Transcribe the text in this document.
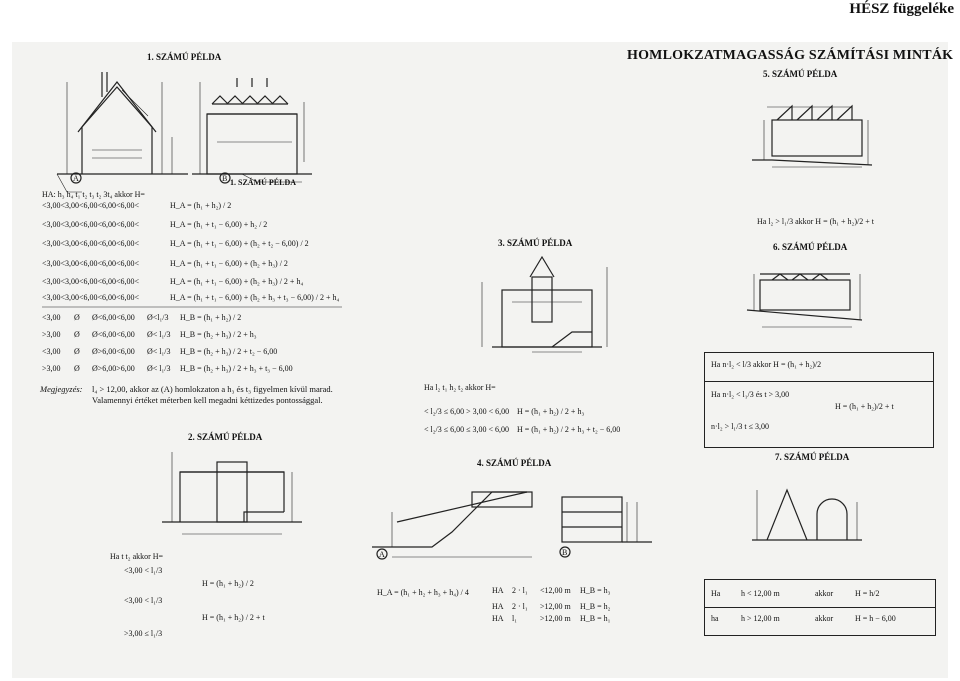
HÉSZ függeléke
HOMLOKZATMAGASSÁG SZÁMÍTÁSI MINTÁK
1. SZÁMÚ PÉLDA
5. SZÁMÚ PÉLDA
3. SZÁMÚ PÉLDA	6. SZÁMÚ PÉLDA
2. SZÁMÚ PÉLDA
4. SZÁMÚ PÉLDA
7. SZÁMÚ PÉLDA
1. SZÁMÚ PÉLDA
HA: h₃ h₄ t₁ t₂ t₃ t₂ 3t₄ akkor H=
<3,00<3,00<6,00<6,00<6,00<	H_A = (h₁ + h₂) / 2
<3,00<3,00<6,00<6,00<6,00<	H_A = (h₁ + t₁ − 6,00) + h₂ / 2
<3,00<3,00<6,00<6,00<6,00<	H_A = (h₁ + t₁ − 6,00) + (h₂ + t₂ − 6,00) / 2
<3,00<3,00<6,00<6,00<6,00<	H_A = (h₁ + t₁ − 6,00) + (h₂ + h₃) / 2
<3,00<3,00<6,00<6,00<6,00<	H_A = (h₁ + t₁ − 6,00) + (h₂ + h₃) / 2 + h₄
<3,00<3,00<6,00<6,00<6,00<	H_A = (h₁ + t₁ − 6,00) + (h₂ + h₃ + t₃ − 6,00) / 2 + h₄
<3,00 Ø Ø<6,00<6,00 Ø<l₁/3 H_B = (h₁ + h₂) / 2
>3,00 Ø Ø<6,00<6,00 Ø< l₁/3 H_B = (h₂ + h₃) / 2 + h₃
<3,00 Ø Ø>6,00<6,00 Ø< l₁/3 H_B = (h₂ + h₃) / 2 + t₂ − 6,00
>3,00 Ø Ø>6,00>6,00 Ø< l₁/3 H_B = (h₂ + h₃) / 2 + h₃ + t₃ − 6,00
Megjegyzés: l₄ > 12,00, akkor az (A) homlokzaton a h₃ és t₃ figyelmen kívül marad.
Valamennyi értéket méterben kell megadni kéttizedes pontossággal.
Ha t t₂ akkor H=
<3,00 < l₁/3
H = (h₁ + h₂) / 2
<3,00 < l₁/3
H = (h₁ + h₂) / 2 + t
>3,00 ≤ l₁/3
Ha l₂ t₁ h₂ t₂ akkor H=
< l₂/3 ≤ 6,00 > 3,00 < 6,00 H = (h₁ + h₂) / 2 + h₃
< l₂/3 ≤ 6,00 ≤ 3,00 < 6,00 H = (h₁ + h₂) / 2 + h₃ + t₂ − 6,00
H_A = (h₁ + h₂ + h₃ + h₄) / 4	HA 2 · l₁ <12,00 m H_B = h₃
HA 2 · l₁ >12,00 m H_B = h₂
HA l₁	>12,00 m H_B = h₁
Ha l₂ > l₁/3 akkor H = (h₁ + h₂)/2 + t
Ha n·l₂ < l/3 akkor H = (h₁ + h₂)/2
Ha n·l₂ < l₁/3 és t > 3,00
H = (h₁ + h₂)/2 + t
n·l₂ > l₁/3 t ≤ 3,00
Ha	h < 12,00 m	akkor	H = h/2
ha	h > 12,00 m	akkor	H = h − 6,00
A	B
A	B
